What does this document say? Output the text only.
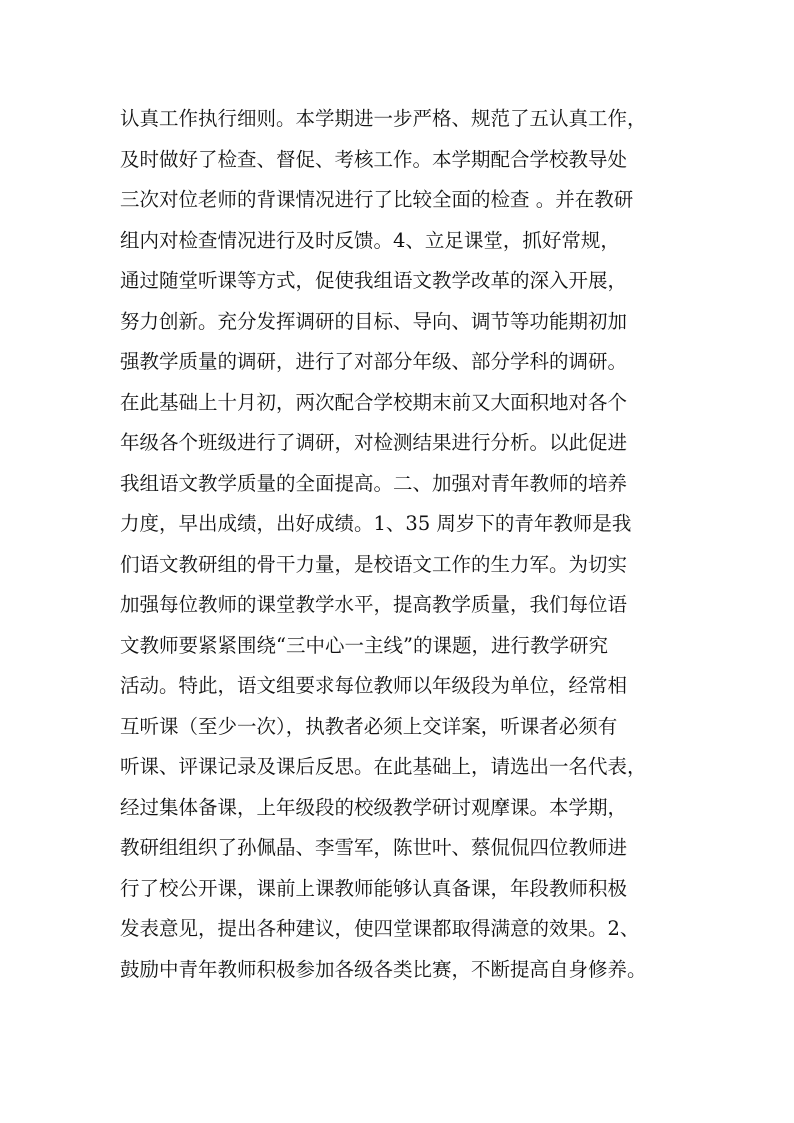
认真工作执行细则。本学期进一步严格、规范了五认真工作，
及时做好了检查、督促、考核工作。本学期配合学校教导处
三次对位老师的背课情况进行了比较全面的检查 。并在教研
组内对检查情况进行及时反馈。4、立足课堂，抓好常规，
通过随堂听课等方式，促使我组语文教学改革的深入开展，
努力创新。充分发挥调研的目标、导向、调节等功能期初加
强教学质量的调研，进行了对部分年级、部分学科的调研。
在此基础上十月初，两次配合学校期末前又大面积地对各个
年级各个班级进行了调研，对检测结果进行分析。以此促进
我组语文教学质量的全面提高。二、加强对青年教师的培养
力度，早出成绩，出好成绩。1、35 周岁下的青年教师是我
们语文教研组的骨干力量，是校语文工作的生力军。为切实
加强每位教师的课堂教学水平，提高教学质量，我们每位语
文教师要紧紧围绕“三中心一主线”的课题，进行教学研究
活动。特此，语文组要求每位教师以年级段为单位，经常相
互听课（至少一次），执教者必须上交详案，听课者必须有
听课、评课记录及课后反思。在此基础上，请选出一名代表，
经过集体备课，上年级段的校级教学研讨观摩课。本学期，
教研组组织了孙佩晶、李雪军，陈世叶、蔡侃侃四位教师进
行了校公开课，课前上课教师能够认真备课，年段教师积极
发表意见，提出各种建议，使四堂课都取得满意的效果。2、
鼓励中青年教师积极参加各级各类比赛，不断提高自身修养。
